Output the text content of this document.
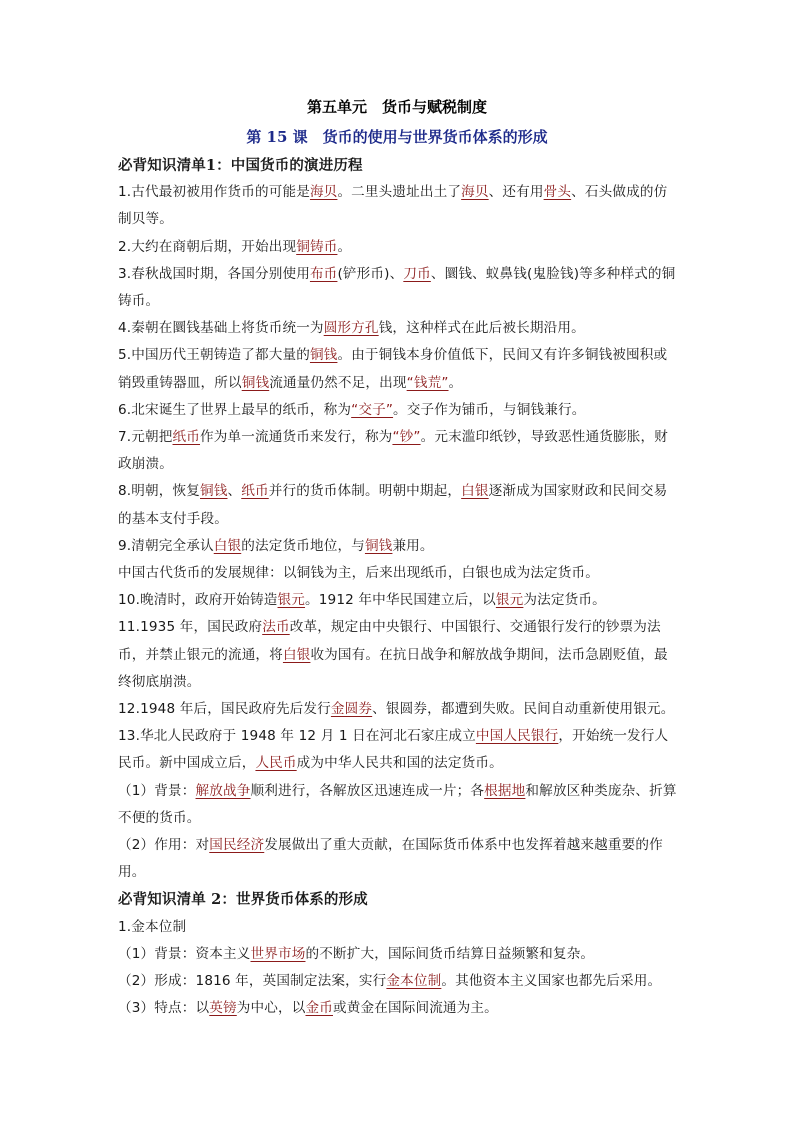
第五单元　货币与赋税制度
第 15 课　货币的使用与世界货币体系的形成

必背知识清单1：中国货币的演进历程

1.古代最初被用作货币的可能是海贝。二里头遗址出土了海贝、还有用骨头、石头做成的仿制贝等。

2.大约在商朝后期，开始出现铜铸币。

3.春秋战国时期，各国分别使用布币(铲形币)、刀币、圜钱、蚁鼻钱(鬼脸钱)等多种样式的铜铸币。

4.秦朝在圜钱基础上将货币统一为圆形方孔钱，这种样式在此后被长期沿用。

5.中国历代王朝铸造了都大量的铜钱。由于铜钱本身价值低下，民间又有许多铜钱被囤积或销毁重铸器皿，所以铜钱流通量仍然不足，出现“钱荒”。

6.北宋诞生了世界上最早的纸币，称为“交子”。交子作为铺币，与铜钱兼行。

7.元朝把纸币作为单一流通货币来发行，称为“钞”。元末滥印纸钞，导致恶性通货膨胀，财政崩溃。

8.明朝，恢复铜钱、纸币并行的货币体制。明朝中期起，白银逐渐成为国家财政和民间交易的基本支付手段。

9.清朝完全承认白银的法定货币地位，与铜钱兼用。

中国古代货币的发展规律：以铜钱为主，后来出现纸币，白银也成为法定货币。

10.晚清时，政府开始铸造银元。1912 年中华民国建立后，以银元为法定货币。

11.1935 年，国民政府法币改革，规定由中央银行、中国银行、交通银行发行的钞票为法币，并禁止银元的流通，将白银收为国有。在抗日战争和解放战争期间，法币急剧贬值，最终彻底崩溃。

12.1948 年后，国民政府先后发行金圆券、银圆券，都遭到失败。民间自动重新使用银元。

13.华北人民政府于 1948 年 12 月 1 日在河北石家庄成立中国人民银行，开始统一发行人民币。新中国成立后，人民币成为中华人民共和国的法定货币。

（1）背景：解放战争顺利进行，各解放区迅速连成一片；各根据地和解放区种类庞杂、折算不便的货币。

（2）作用：对国民经济发展做出了重大贡献，在国际货币体系中也发挥着越来越重要的作用。

必背知识清单 2：世界货币体系的形成

1.金本位制

（1）背景：资本主义世界市场的不断扩大，国际间货币结算日益频繁和复杂。

（2）形成：1816 年，英国制定法案，实行金本位制。其他资本主义国家也都先后采用。

（3）特点：以英镑为中心，以金币或黄金在国际间流通为主。
